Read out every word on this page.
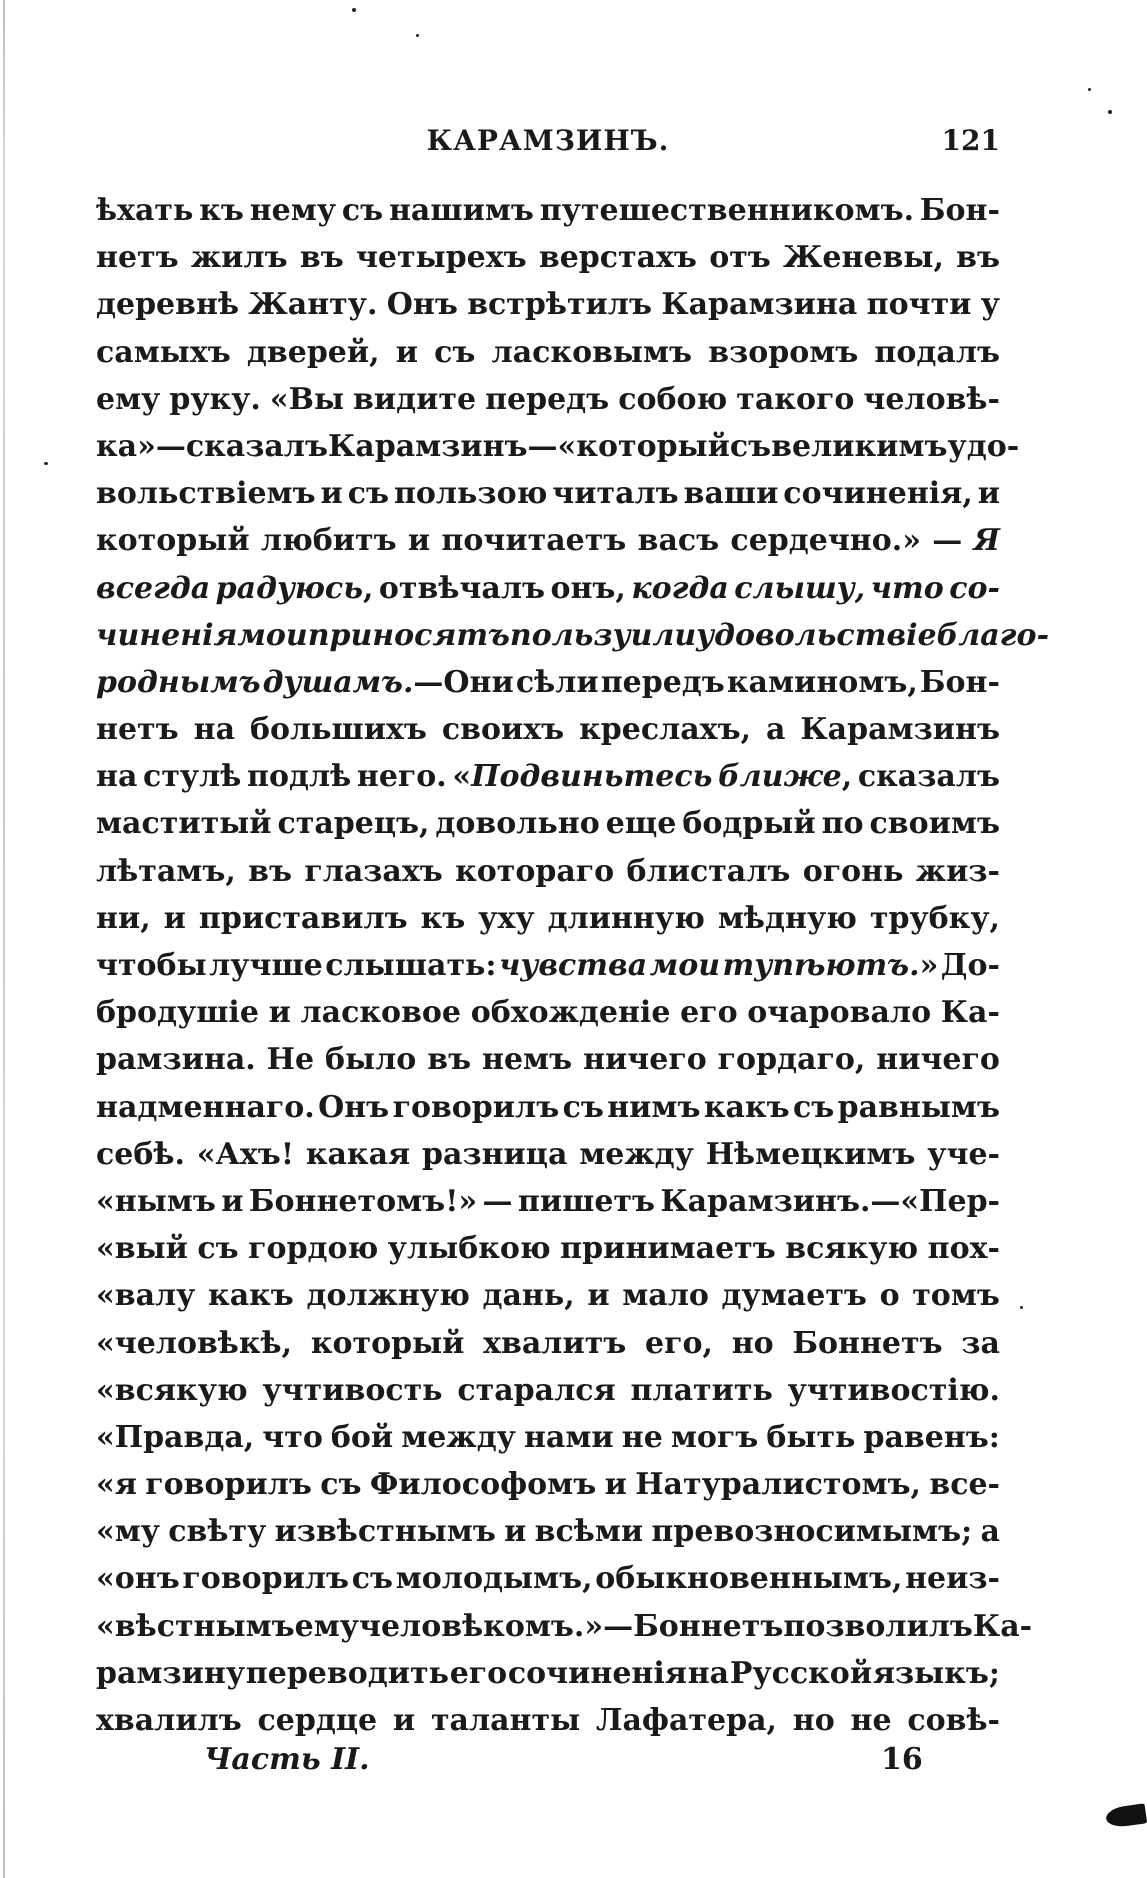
КАРАМЗИНЪ.	121
ѣхать къ нему съ нашимъ путешественникомъ. Бон-
нетъ жилъ въ четырехъ верстахъ отъ Женевы, въ
деревнѣ Жанту. Онъ встрѣтилъ Карамзина почти у
самыхъ дверей, и съ ласковымъ взоромъ подалъ
ему руку. «Вы видите передъ собою такого человѣ-
ка»—сказалъ Карамзинъ—«который съ великимъ удо-
вольствіемъ и съ пользою читалъ ваши сочиненія, и
который любитъ и почитаетъ васъ сердечно.» — Я
всегда радуюсь, отвѣчалъ онъ, когда слышу, что со-
чиненія мои приносятъ пользу или удовольствіе благо-
роднымъ душамъ.—Они сѣли передъ каминомъ, Бон-
нетъ на большихъ своихъ креслахъ, а Карамзинъ
на стулѣ подлѣ него. «Подвиньтесь ближе, сказалъ
маститый старецъ, довольно еще бодрый по своимъ
лѣтамъ, въ глазахъ котораго блисталъ огонь жиз-
ни, и приставилъ къ уху длинную мѣдную трубку,
чтобы лучше слышать: чувства мои тупѣютъ.» До-
бродушіе и ласковое обхожденіе его очаровало Ка-
рамзина. Не было въ немъ ничего гордаго, ничего
надменнаго. Онъ говорилъ съ нимъ какъ съ равнымъ
себѣ. «Ахъ! какая разница между Нѣмецкимъ уче-
«нымъ и Боннетомъ!» — пишетъ Карамзинъ.—«Пер-
«вый съ гордою улыбкою принимаетъ всякую пох-
«валу какъ должную дань, и мало думаетъ о томъ
«человѣкѣ, который хвалитъ его, но Боннетъ за
«всякую учтивость старался платить учтивостію.
«Правда, что бой между нами не могъ быть равенъ:
«я говорилъ съ Философомъ и Натуралистомъ, все-
«му свѣту извѣстнымъ и всѣми превозносимымъ; а
«онъ говорилъ съ молодымъ, обыкновеннымъ, неиз-
«вѣстнымъ ему человѣкомъ.»—Боннетъ позволилъ Ка-
рамзину переводить его сочиненія на Русской языкъ;
хвалилъ сердце и таланты Лафатера, но не совѣ-
Часть II.	16
